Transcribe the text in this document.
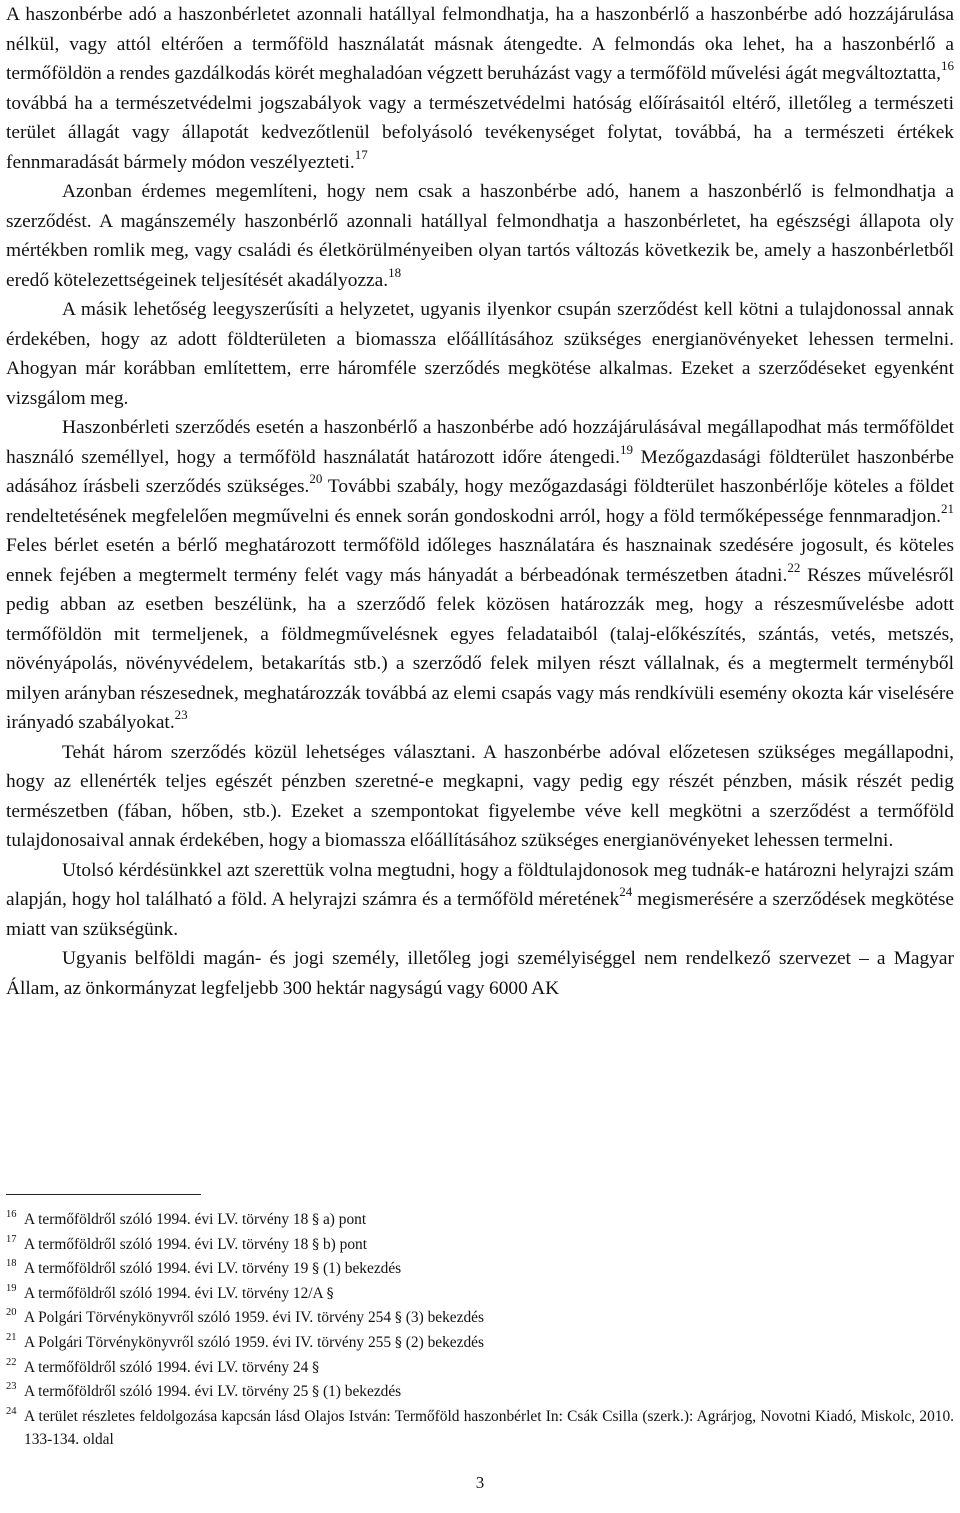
A haszonbérbe adó a haszonbérletet azonnali hatállyal felmondhatja, ha a haszonbérlő a haszonbérbe adó hozzájárulása nélkül, vagy attól eltérően a termőföld használatát másnak átengedte. A felmondás oka lehet, ha a haszonbérlő a termőföldön a rendes gazdálkodás körét meghaladóan végzett beruházást vagy a termőföld művelési ágát megváltoztatta,$^{16}$ továbbá ha a természetvédelmi jogszabályok vagy a természetvédelmi hatóság előírásaitól eltérő, illetőleg a természeti terület állagát vagy állapotát kedvezőtlenül befolyásoló tevékenységet folytat, továbbá, ha a természeti értékek fennmaradását bármely módon veszélyezteti.$^{17}$

Azonban érdemes megemlíteni, hogy nem csak a haszonbérbe adó, hanem a haszonbérlő is felmondhatja a szerződést. A magánszemély haszonbérlő azonnali hatállyal felmondhatja a haszonbérletet, ha egészségi állapota oly mértékben romlik meg, vagy családi és életkörülményeiben olyan tartós változás következik be, amely a haszonbérletből eredő kötelezettségeinek teljesítését akadályozza.$^{18}$

A másik lehetőség leegyszerűsíti a helyzetet, ugyanis ilyenkor csupán szerződést kell kötni a tulajdonossal annak érdekében, hogy az adott földterületen a biomassza előállításához szükséges energianövényeket lehessen termelni. Ahogyan már korábban említettem, erre háromféle szerződés megkötése alkalmas. Ezeket a szerződéseket egyenként vizsgálom meg.

Haszonbérleti szerződés esetén a haszonbérlő a haszonbérbe adó hozzájárulásával megállapodhat más termőföldet használó személlyel, hogy a termőföld használatát határozott időre átengedi.$^{19}$ Mezőgazdasági földterület haszonbérbe adásához írásbeli szerződés szükséges.$^{20}$ További szabály, hogy mezőgazdasági földterület haszonbérlője köteles a földet rendeltetésének megfelelően megművelni és ennek során gondoskodni arról, hogy a föld termőképessége fennmaradjon.$^{21}$ Feles bérlet esetén a bérlő meghatározott termőföld időleges használatára és hasznainak szedésére jogosult, és köteles ennek fejében a megtermelt termény felét vagy más hányadát a bérbeadónak természetben átadni.$^{22}$ Részes művelésről pedig abban az esetben beszélünk, ha a szerződő felek közösen határozzák meg, hogy a részesművelésbe adott termőföldön mit termeljenek, a földmegművelésnek egyes feladataiból (talaj-előkészítés, szántás, vetés, metszés, növényápolás, növényvédelem, betakarítás stb.) a szerződő felek milyen részt vállalnak, és a megtermelt terményből milyen arányban részesednek, meghatározzák továbbá az elemi csapás vagy más rendkívüli esemény okozta kár viselésére irányadó szabályokat.$^{23}$

Tehát három szerződés közül lehetséges választani. A haszonbérbe adóval előzetesen szükséges megállapodni, hogy az ellenérték teljes egészét pénzben szeretné-e megkapni, vagy pedig egy részét pénzben, másik részét pedig természetben (fában, hőben, stb.). Ezeket a szempontokat figyelembe véve kell megkötni a szerződést a termőföld tulajdonosaival annak érdekében, hogy a biomassza előállításához szükséges energianövényeket lehessen termelni.

Utolsó kérdésünkkel azt szerettük volna megtudni, hogy a földtulajdonosok meg tudnák-e határozni helyrajzi szám alapján, hogy hol található a föld. A helyrajzi számra és a termőföld méretének$^{24}$ megismerésére a szerződések megkötése miatt van szükségünk.

Ugyanis belföldi magán- és jogi személy, illetőleg jogi személyiséggel nem rendelkező szervezet – a Magyar Állam, az önkormányzat legfeljebb 300 hektár nagyságú vagy 6000 AK

16 A termőföldről szóló 1994. évi LV. törvény 18 § a) pont
17 A termőföldről szóló 1994. évi LV. törvény 18 § b) pont
18 A termőföldről szóló 1994. évi LV. törvény 19 § (1) bekezdés
19 A termőföldről szóló 1994. évi LV. törvény 12/A §
20 A Polgári Törvénykönyvről szóló 1959. évi IV. törvény 254 § (3) bekezdés
21 A Polgári Törvénykönyvről szóló 1959. évi IV. törvény 255 § (2) bekezdés
22 A termőföldről szóló 1994. évi LV. törvény 24 §
23 A termőföldről szóló 1994. évi LV. törvény 25 § (1) bekezdés
24 A terület részletes feldolgozása kapcsán lásd Olajos István: Termőföld haszonbérlet In: Csák Csilla (szerk.): Agrárjog, Novotni Kiadó, Miskolc, 2010. 133-134. oldal
3
